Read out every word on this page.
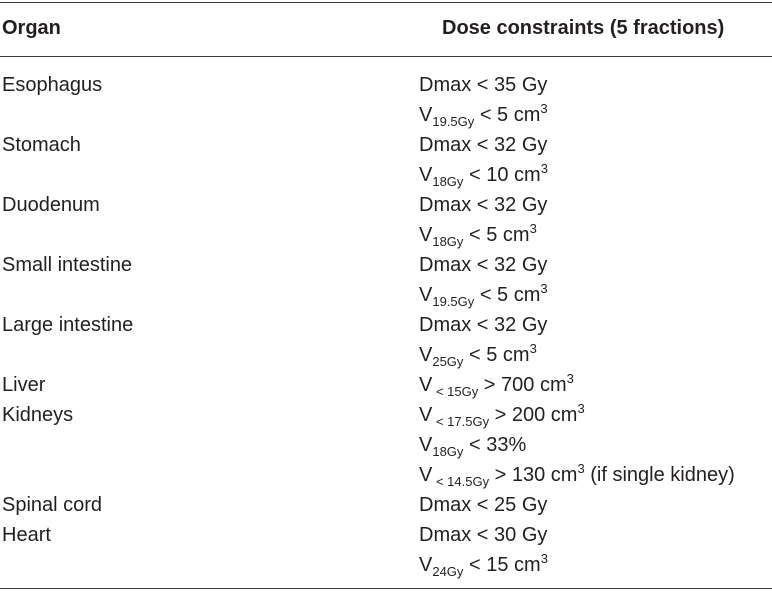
Organ	Dose constraints (5 fractions)
Esophagus	Dmax < 35 Gy
$V_{19.5Gy} < 5$ $cm^3$
Stomach	Dmax < 32 Gy
$V_{18Gy} < 10$ $cm^3$
Duodenum	Dmax < 32 Gy
$V_{18Gy} < 5$ $cm^3$
Small intestine	Dmax < 32 Gy
$V_{19.5Gy} < 5$ $cm^3$
Large intestine	Dmax < 32 Gy
$V_{25Gy} < 5$ $cm^3$
Liver	V $_{< 15Gy}$ > 700 $cm^3$
Kidneys	V $_{< 17.5Gy}$ > 200 $cm^3$
$V_{18Gy} < 33\%$
V $_{< 14.5Gy}$ > 130 $cm^3$ (if single kidney)
Spinal cord	Dmax < 25 Gy
Heart	Dmax < 30 Gy
$V_{24Gy} < 15$ $cm^3$
